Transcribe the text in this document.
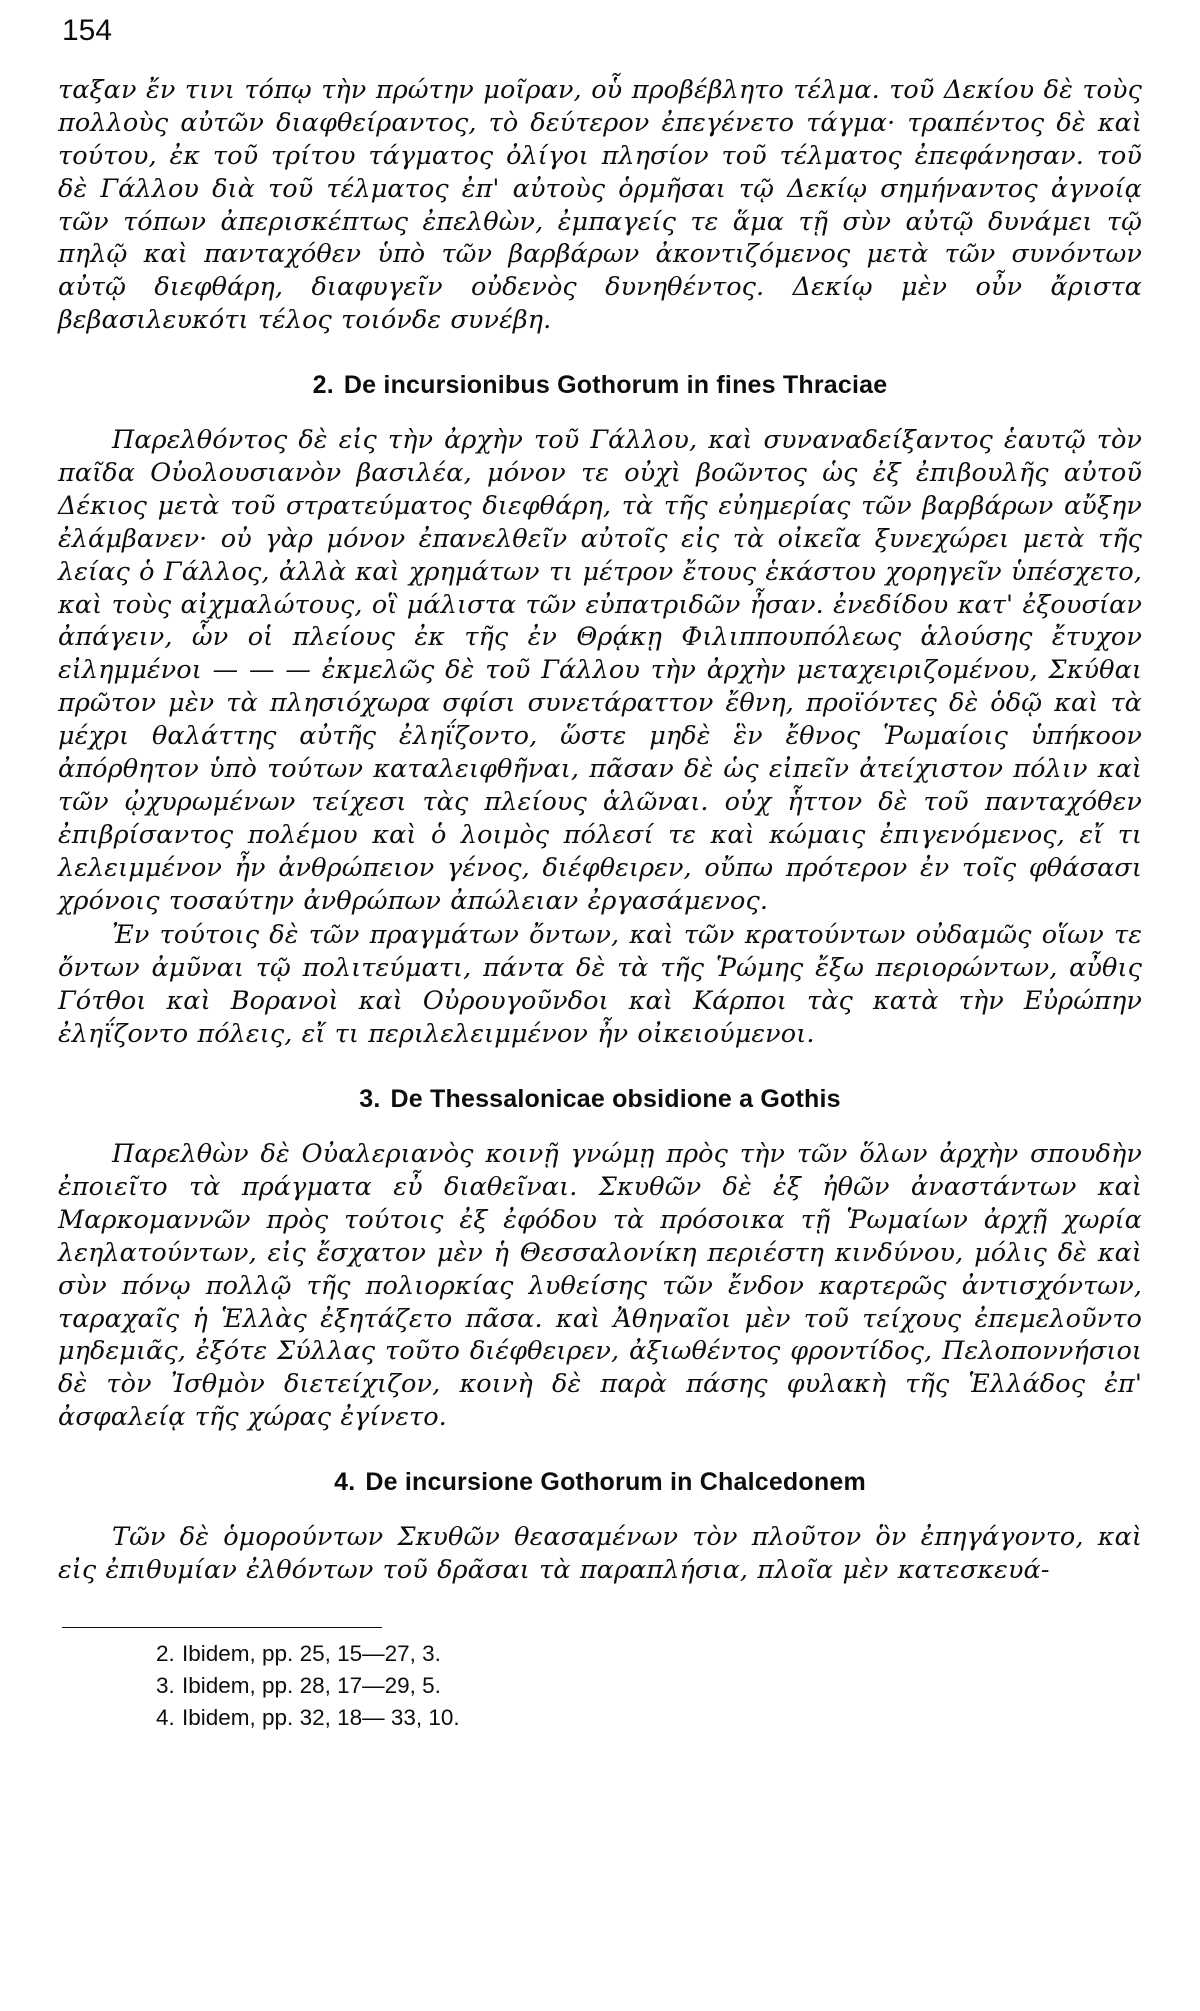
154

ταξαν ἔν τινι τόπῳ τὴν πρώτην μοῖραν, οὗ προβέβλητο τέλμα. τοῦ Δεκίου δὲ τοὺς πολλοὺς αὐτῶν διαφθείραντος, τὸ δεύτερον ἐπεγένετο τάγμα· τραπέντος δὲ καὶ τούτου, ἐκ τοῦ τρίτου τάγματος ὀλίγοι πλησίον τοῦ τέλματος ἐπεφάνησαν. τοῦ δὲ Γάλλου διὰ τοῦ τέλματος ἐπ' αὐτοὺς ὁρμῆσαι τῷ Δεκίῳ σημήναντος ἀγνοίᾳ τῶν τόπων ἀπερισκέπτως ἐπελθὼν, ἐμπαγείς τε ἅμα τῇ σὺν αὐτῷ δυνάμει τῷ πηλῷ καὶ πανταχόθεν ὑπὸ τῶν βαρβάρων ἀκοντιζόμενος μετὰ τῶν συνόντων αὐτῷ διεφθάρη, διαφυγεῖν οὐδενὸς δυνηθέντος. Δεκίῳ μὲν οὖν ἄριστα βεβασιλευκότι τέλος τοιόνδε συνέβη.

2. De incursionibus Gothorum in fines Thraciae

Παρελθόντος δὲ εἰς τὴν ἀρχὴν τοῦ Γάλλου, καὶ συναναδείξαντος ἑαυτῷ τὸν παῖδα Οὐολουσιανὸν βασιλέα, μόνον τε οὐχὶ βοῶντος ὡς ἐξ ἐπιβουλῆς αὐτοῦ Δέκιος μετὰ τοῦ στρατεύματος διεφθάρη, τὰ τῆς εὐημερίας τῶν βαρβάρων αὔξην ἐλάμβανεν· οὐ γὰρ μόνον ἐπανελθεῖν αὐτοῖς εἰς τὰ οἰκεῖα ξυνεχώρει μετὰ τῆς λείας ὁ Γάλλος, ἀλλὰ καὶ χρημάτων τι μέτρον ἔτους ἑκάστου χορηγεῖν ὑπέσχετο, καὶ τοὺς αἰχμαλώτους, οἳ μάλιστα τῶν εὐπατριδῶν ἦσαν. ἐνεδίδου κατ' ἐξουσίαν ἀπάγειν, ὧν οἱ πλείους ἐκ τῆς ἐν Θρᾴκῃ Φιλιππουπόλεως ἁλούσης ἔτυχον εἰλημμένοι — — — ἐκμελῶς δὲ τοῦ Γάλλου τὴν ἀρχὴν μεταχειριζομένου, Σκύθαι πρῶτον μὲν τὰ πλησιόχωρα σφίσι συνετάραττον ἔθνη, προϊόντες δὲ ὁδῷ καὶ τὰ μέχρι θαλάττης αὐτῆς ἐληΐζοντο, ὥστε μηδὲ ἓν ἔθνος Ῥωμαίοις ὑπήκοον ἀπόρθητον ὑπὸ τούτων καταλειφθῆναι, πᾶσαν δὲ ὡς εἰπεῖν ἀτείχιστον πόλιν καὶ τῶν ᾠχυρωμένων τείχεσι τὰς πλείους ἁλῶναι. οὐχ ἧττον δὲ τοῦ πανταχόθεν ἐπιβρίσαντος πολέμου καὶ ὁ λοιμὸς πόλεσί τε καὶ κώμαις ἐπιγενόμενος, εἴ τι λελειμμένον ἦν ἀνθρώπειον γένος, διέφθειρεν, οὔπω πρότερον ἐν τοῖς φθάσασι χρόνοις τοσαύτην ἀνθρώπων ἀπώλειαν ἐργασάμενος.

Ἐν τούτοις δὲ τῶν πραγμάτων ὄντων, καὶ τῶν κρατούντων οὐδαμῶς οἵων τε ὄντων ἀμῦναι τῷ πολιτεύματι, πάντα δὲ τὰ τῆς Ῥώμης ἔξω περιορώντων, αὖθις Γότθοι καὶ Βορανοὶ καὶ Οὐρουγοῦνδοι καὶ Κάρποι τὰς κατὰ τὴν Εὐρώπην ἐληΐζοντο πόλεις, εἴ τι περιλελειμμένον ἦν οἰκειούμενοι.

3. De Thessalonicae obsidione a Gothis

Παρελθὼν δὲ Οὐαλεριανὸς κοινῇ γνώμῃ πρὸς τὴν τῶν ὅλων ἀρχὴν σπουδὴν ἐποιεῖτο τὰ πράγματα εὖ διαθεῖναι. Σκυθῶν δὲ ἐξ ἠθῶν ἀναστάντων καὶ Μαρκομαννῶν πρὸς τούτοις ἐξ ἐφόδου τὰ πρόσοικα τῇ Ῥωμαίων ἀρχῇ χωρία λεηλατούντων, εἰς ἔσχατον μὲν ἡ Θεσσαλονίκη περιέστη κινδύνου, μόλις δὲ καὶ σὺν πόνῳ πολλῷ τῆς πολιορκίας λυθείσης τῶν ἔνδον καρτερῶς ἀντισχόντων, ταραχαῖς ἡ Ἑλλὰς ἐξητάζετο πᾶσα. καὶ Ἀθηναῖοι μὲν τοῦ τείχους ἐπεμελοῦντο μηδεμιᾶς, ἐξότε Σύλλας τοῦτο διέφθειρεν, ἀξιωθέντος φροντίδος, Πελοποννήσιοι δὲ τὸν Ἰσθμὸν διετείχιζον, κοινὴ δὲ παρὰ πάσης φυλακὴ τῆς Ἑλλάδος ἐπ' ἀσφαλείᾳ τῆς χώρας ἐγίνετο.

4. De incursione Gothorum in Chalcedonem

Τῶν δὲ ὁμορούντων Σκυθῶν θεασαμένων τὸν πλοῦτον ὃν ἐπηγάγοντο, καὶ εἰς ἐπιθυμίαν ἐλθόντων τοῦ δρᾶσαι τὰ παραπλήσια, πλοῖα μὲν κατεσκευά-

2. Ibidem, pp. 25, 15—27, 3.
3. Ibidem, pp. 28, 17—29, 5.
4. Ibidem, pp. 32, 18— 33, 10.
